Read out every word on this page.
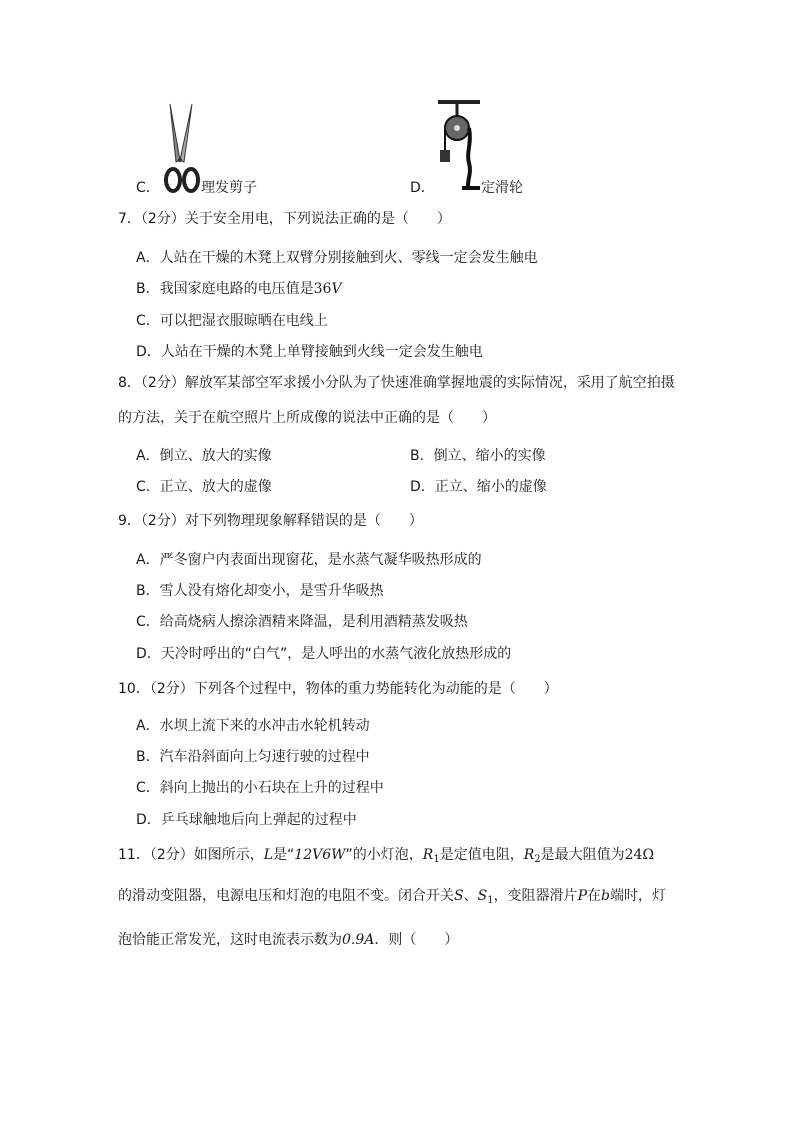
C．	理发剪子	D．	定滑轮
7．（2分）关于安全用电，下列说法正确的是（　　）
A．人站在干燥的木凳上双臂分别接触到火、零线一定会发生触电
B．我国家庭电路的电压值是36V
C．可以把湿衣服晾晒在电线上
D．人站在干燥的木凳上单臂接触到火线一定会发生触电
8．（2分）解放军某部空军求援小分队为了快速准确掌握地震的实际情况，采用了航空拍摄
的方法，关于在航空照片上所成像的说法中正确的是（　　）
A．倒立、放大的实像	B．倒立、缩小的实像
C．正立、放大的虚像	D．正立、缩小的虚像
9．（2分）对下列物理现象解释错误的是（　　）
A．严冬窗户内表面出现窗花，是水蒸气凝华吸热形成的
B．雪人没有熔化却变小，是雪升华吸热
C．给高烧病人擦涂酒精来降温，是利用酒精蒸发吸热
D．天冷时呼出的“白气”，是人呼出的水蒸气液化放热形成的
10．（2分）下列各个过程中，物体的重力势能转化为动能的是（　　）
A．水坝上流下来的水冲击水轮机转动
B．汽车沿斜面向上匀速行驶的过程中
C．斜向上抛出的小石块在上升的过程中
D．乒乓球触地后向上弹起的过程中
11．（2分）如图所示，L是“12V6W”的小灯泡，$R_1$是定值电阻，$R_2$是最大阻值为24Ω
的滑动变阻器，电源电压和灯泡的电阻不变。闭合开关S、$S_1$，变阻器滑片P在b端时，灯
泡恰能正常发光，这时电流表示数为0.9A．则（　　）
